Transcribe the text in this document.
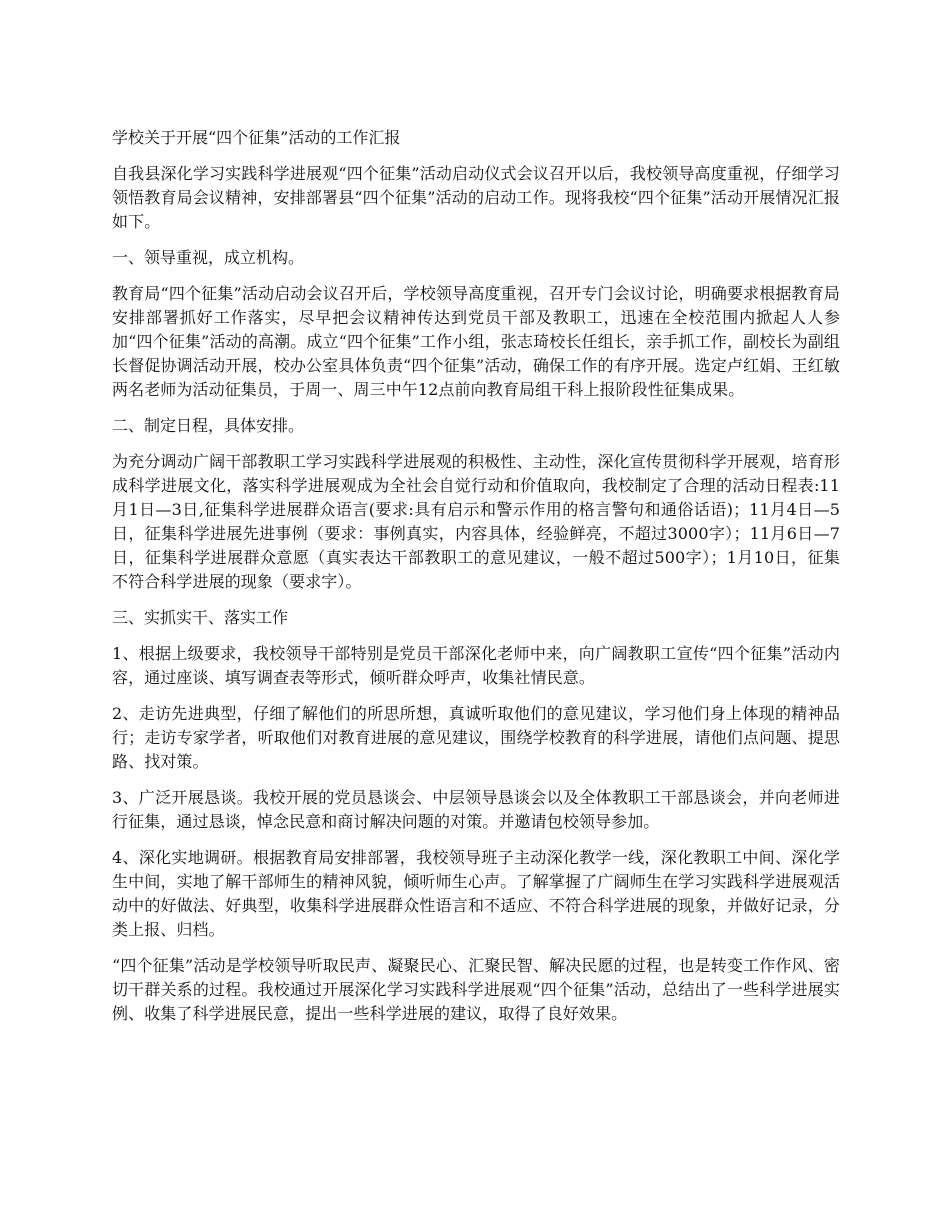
学校关于开展“四个征集”活动的工作汇报

自我县深化学习实践科学进展观“四个征集”活动启动仪式会议召开以后，我校领导高度重视，仔细学习领悟教育局会议精神，安排部署县“四个征集”活动的启动工作。现将我校“四个征集”活动开展情况汇报如下。

一、领导重视，成立机构。

教育局“四个征集”活动启动会议召开后，学校领导高度重视，召开专门会议讨论，明确要求根据教育局安排部署抓好工作落实，尽早把会议精神传达到党员干部及教职工，迅速在全校范围内掀起人人参加“四个征集”活动的高潮。成立“四个征集”工作小组，张志琦校长任组长，亲手抓工作，副校长为副组长督促协调活动开展，校办公室具体负责“四个征集”活动，确保工作的有序开展。选定卢红娟、王红敏两名老师为活动征集员，于周一、周三中午12点前向教育局组干科上报阶段性征集成果。

二、制定日程，具体安排。

为充分调动广阔干部教职工学习实践科学进展观的积极性、主动性，深化宣传贯彻科学开展观，培育形成科学进展文化，落实科学进展观成为全社会自觉行动和价值取向，我校制定了合理的活动日程表:11月1日—3日,征集科学进展群众语言(要求:具有启示和警示作用的格言警句和通俗话语)；11月4日—5日，征集科学进展先进事例（要求：事例真实，内容具体，经验鲜亮，不超过3000字）；11月6日—7日，征集科学进展群众意愿（真实表达干部教职工的意见建议，一般不超过500字）；1月10日，征集不符合科学进展的现象（要求字）。

三、实抓实干、落实工作

1、根据上级要求，我校领导干部特别是党员干部深化老师中来，向广阔教职工宣传“四个征集”活动内容，通过座谈、填写调查表等形式，倾听群众呼声，收集社情民意。

2、走访先进典型，仔细了解他们的所思所想，真诚听取他们的意见建议，学习他们身上体现的精神品行；走访专家学者，听取他们对教育进展的意见建议，围绕学校教育的科学进展，请他们点问题、提思路、找对策。

3、广泛开展恳谈。我校开展的党员恳谈会、中层领导恳谈会以及全体教职工干部恳谈会，并向老师进行征集，通过恳谈，悼念民意和商讨解决问题的对策。并邀请包校领导参加。

4、深化实地调研。根据教育局安排部署，我校领导班子主动深化教学一线，深化教职工中间、深化学生中间，实地了解干部师生的精神风貌，倾听师生心声。了解掌握了广阔师生在学习实践科学进展观活动中的好做法、好典型，收集科学进展群众性语言和不适应、不符合科学进展的现象，并做好记录，分类上报、归档。

“四个征集”活动是学校领导听取民声、凝聚民心、汇聚民智、解决民愿的过程，也是转变工作作风、密切干群关系的过程。我校通过开展深化学习实践科学进展观“四个征集”活动，总结出了一些科学进展实例、收集了科学进展民意，提出一些科学进展的建议，取得了良好效果。
